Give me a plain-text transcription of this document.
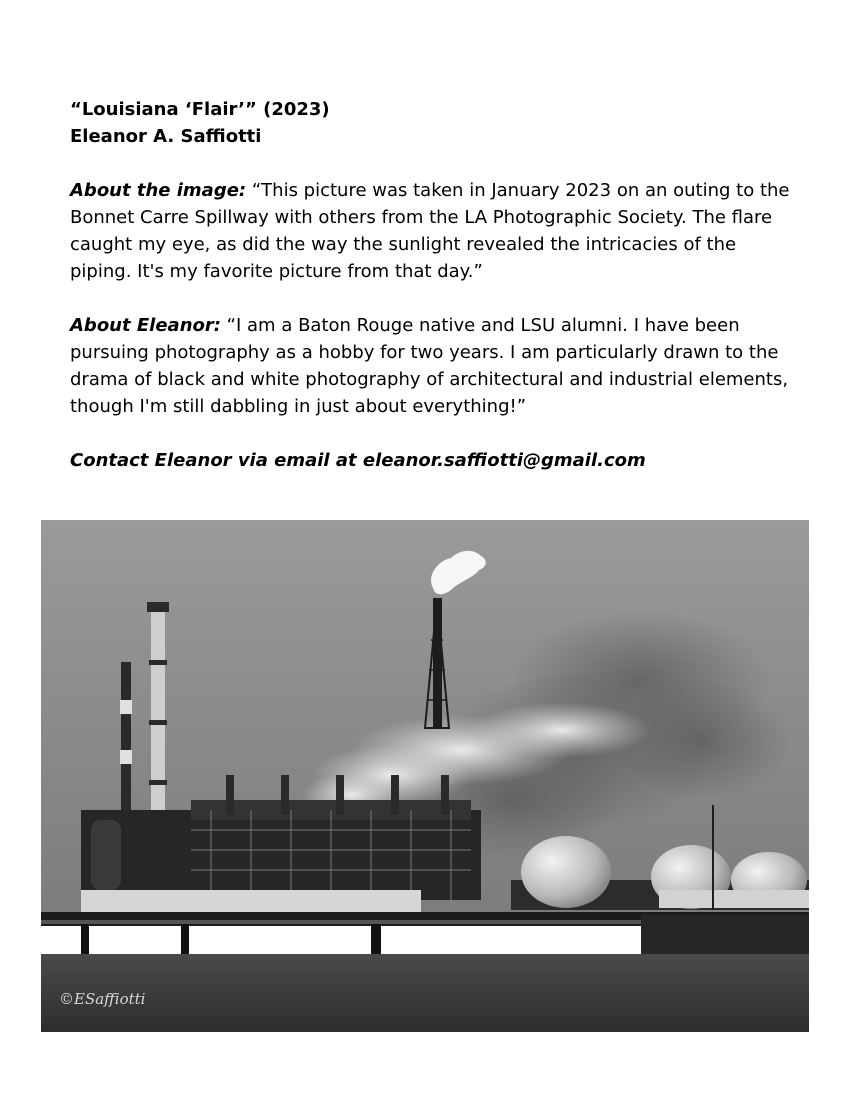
“Louisiana ‘Flair’” (2023)

Eleanor A. Saffiotti

About the image: “This picture was taken in January 2023 on an outing to the Bonnet Carre Spillway with others from the LA Photographic Society. The flare caught my eye, as did the way the sunlight revealed the intricacies of the piping. It's my favorite picture from that day.”

About Eleanor: “I am a Baton Rouge native and LSU alumni. I have been pursuing photography as a hobby for two years. I am particularly drawn to the drama of black and white photography of architectural and industrial elements, though I'm still dabbling in just about everything!”

Contact Eleanor via email at eleanor.saffiotti@gmail.com

©ESaffiotti
